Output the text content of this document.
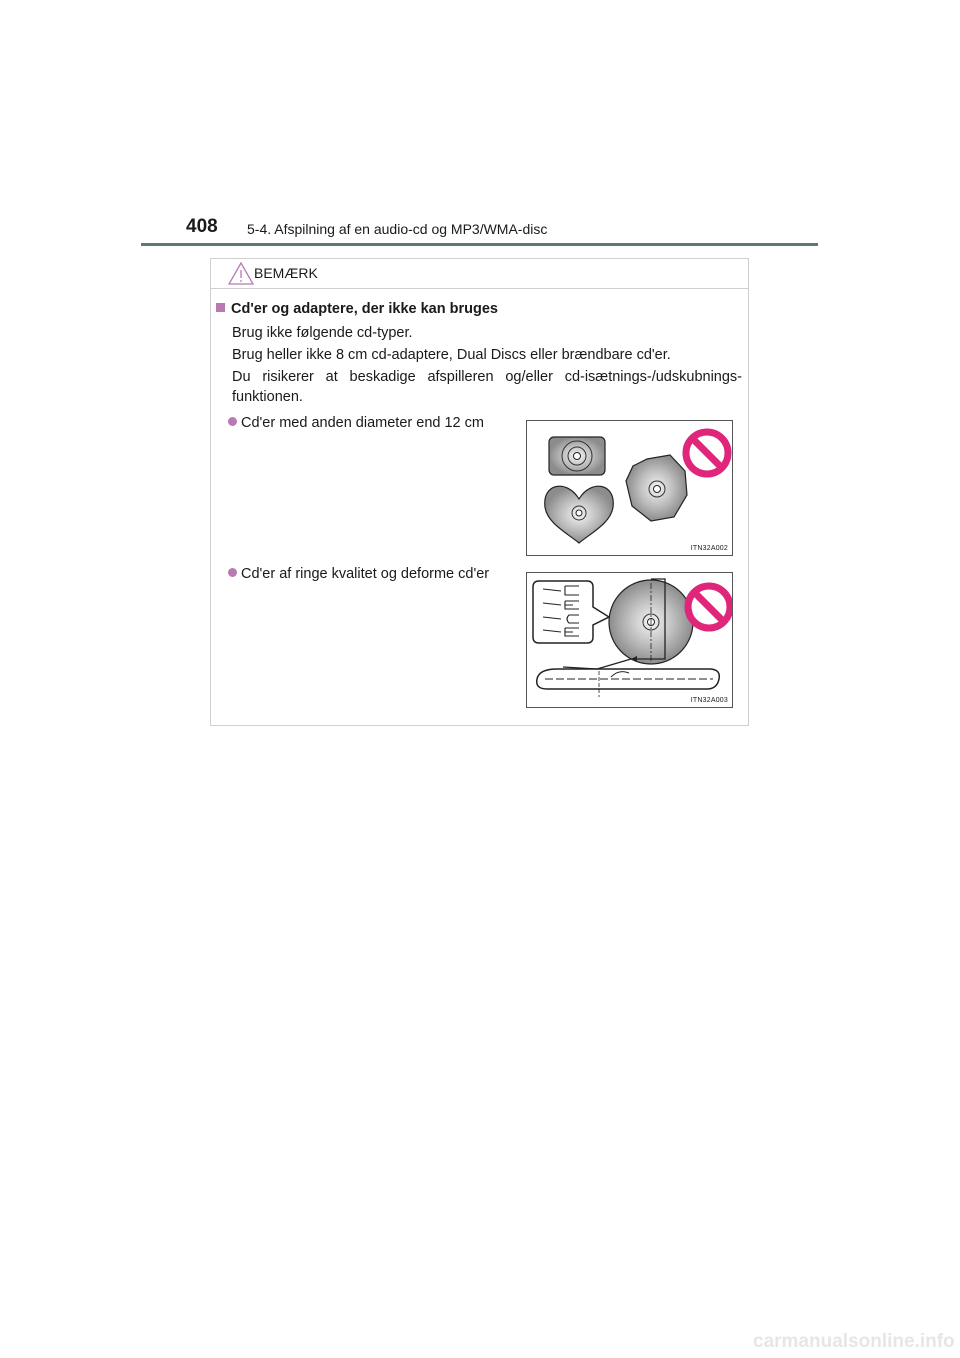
408 5-4. Afspilning af en audio-cd og MP3/WMA-disc
BEMÆRK
Cd'er og adaptere, der ikke kan bruges
Brug ikke følgende cd-typer.
Brug heller ikke 8 cm cd-adaptere, Dual Discs eller brændbare cd'er.
Du risikerer at beskadige afspilleren og/eller cd-isætnings-/udskubnings-funktionen.
Cd'er med anden diameter end 12 cm
ITN32A002
Cd'er af ringe kvalitet og deforme cd'er
ITN32A003
carmanualsonline.info
